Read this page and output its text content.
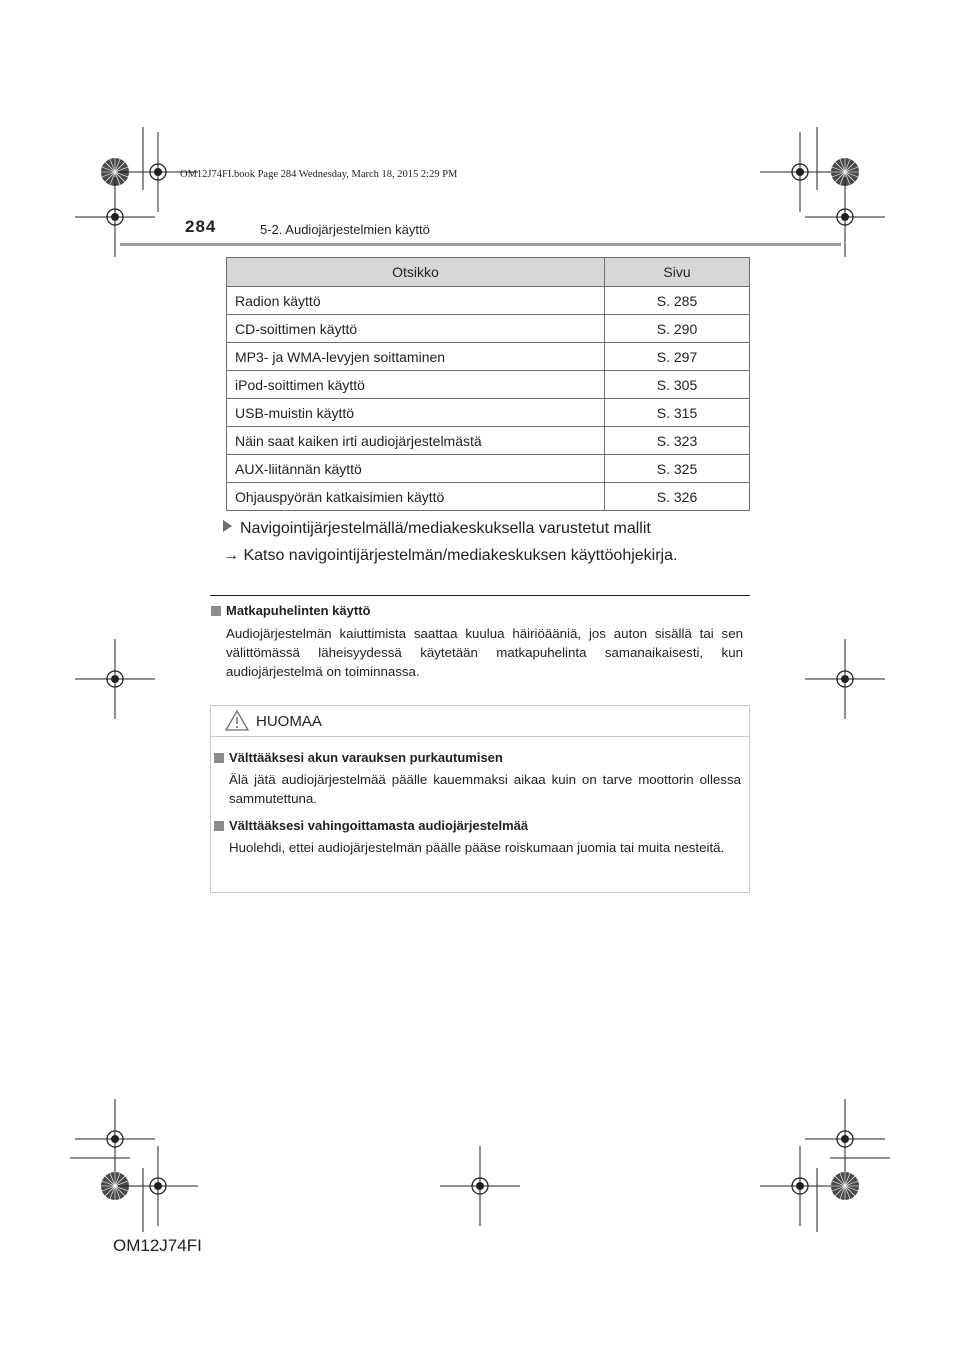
OM12J74FI.book Page 284 Wednesday, March 18, 2015 2:29 PM
284	5-2. Audiojärjestelmien käyttö
Otsikko	Sivu
Radion käyttö	S. 285
CD-soittimen käyttö	S. 290
MP3- ja WMA-levyjen soittaminen	S. 297
iPod-soittimen käyttö	S. 305
USB-muistin käyttö	S. 315
Näin saat kaiken irti audiojärjestelmästä	S. 323
AUX-liitännän käyttö	S. 325
Ohjauspyörän katkaisimien käyttö	S. 326
Navigointijärjestelmällä/mediakeskuksella varustetut mallit
→ Katso navigointijärjestelmän/mediakeskuksen käyttöohjekirja.
Matkapuhelinten käyttö
Audiojärjestelmän kaiuttimista saattaa kuulua häiriöääniä, jos auton sisällä tai sen välittömässä läheisyydessä käytetään matkapuhelinta samanaikaisesti, kun audiojärjestelmä on toiminnassa.
HUOMAA
Välttääksesi akun varauksen purkautumisen
Älä jätä audiojärjestelmää päälle kauemmaksi aikaa kuin on tarve moottorin ollessa sammutettuna.
Välttääksesi vahingoittamasta audiojärjestelmää
Huolehdi, ettei audiojärjestelmän päälle pääse roiskumaan juomia tai muita nesteitä.
OM12J74FI
